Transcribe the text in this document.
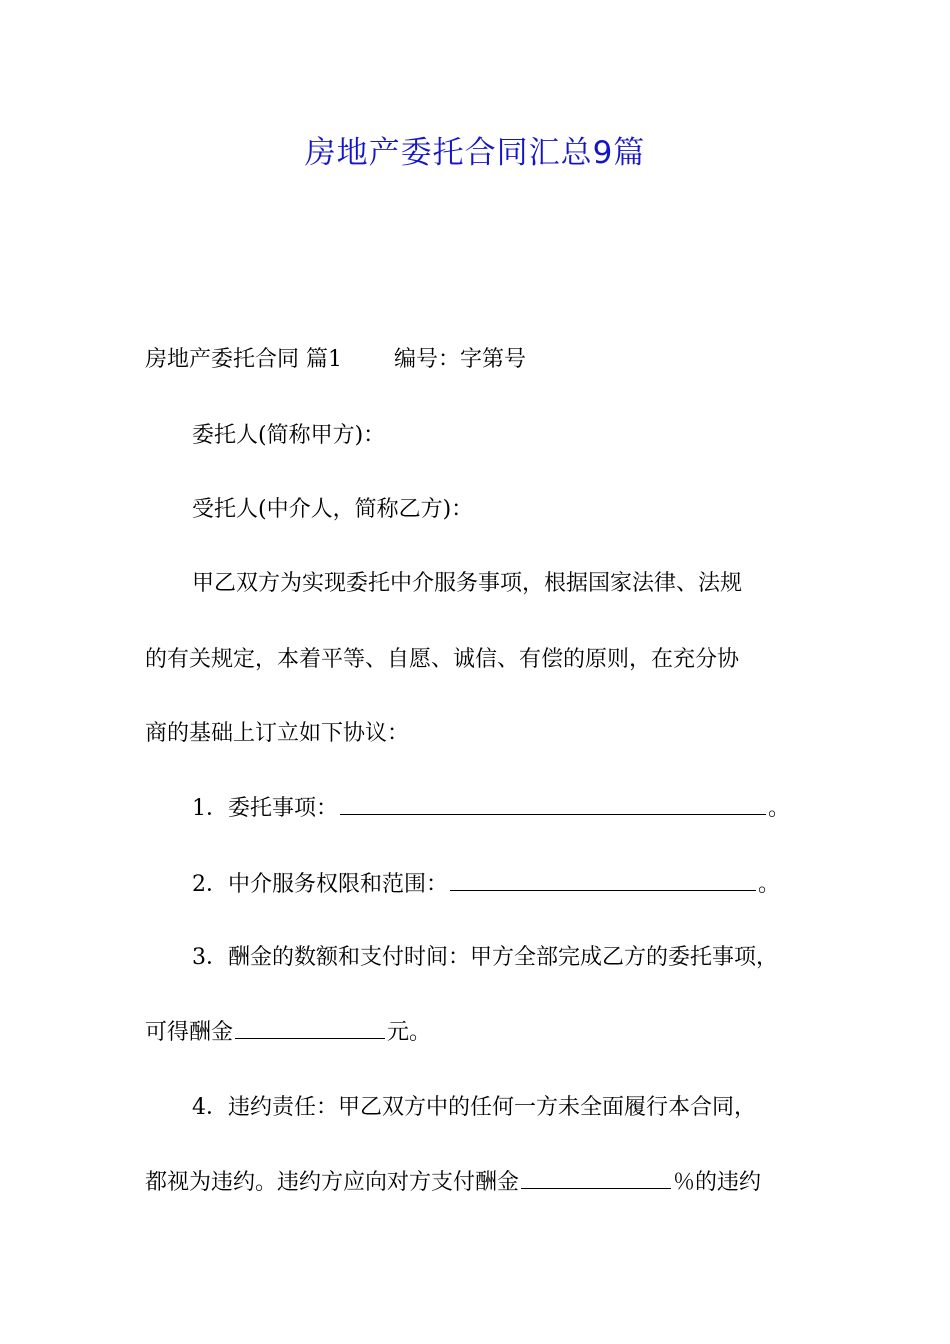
房地产委托合同汇总9篇
房地产委托合同 篇1 编号：字第号
委托人(简称甲方)：
受托人(中介人，简称乙方)：
甲乙双方为实现委托中介服务事项，根据国家法律、法规
的有关规定，本着平等、自愿、诚信、有偿的原则，在充分协
商的基础上订立如下协议：
1．委托事项：	。
2．中介服务权限和范围：	。
3．酬金的数额和支付时间：甲方全部完成乙方的委托事项，
可得酬金	元。
4．违约责任：甲乙双方中的任何一方未全面履行本合同，
都视为违约。违约方应向对方支付酬金	％的违约
